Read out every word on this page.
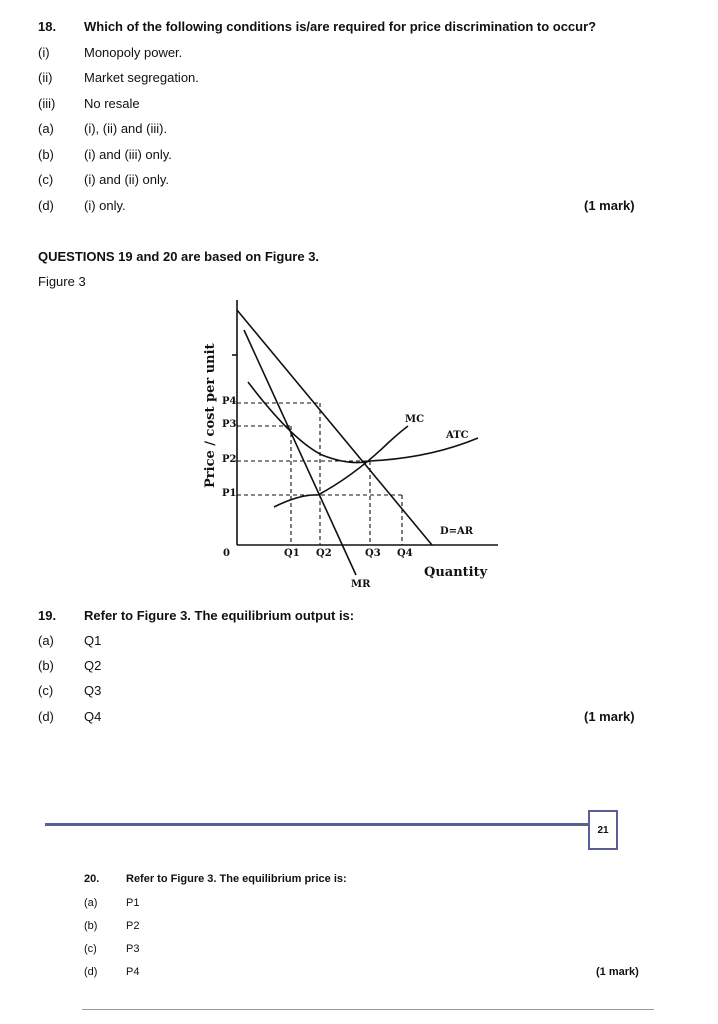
18. Which of the following conditions is/are required for price discrimination to occur?
(i)	Monopoly power.
(ii) Market segregation.
(iii) No resale
(a) (i), (ii) and (iii).
(b) (i) and (iii) only.
(c) (i) and (ii) only.
(d) (i) only.	(1 mark)
QUESTIONS 19 and 20 are based on Figure 3.
Figure 3
Price / cost per unit P4
P3
P2
P1
0	Q1 Q2	Q3 Q4
Quantity
MC
ATC
D=AR
MR
19. Refer to Figure 3. The equilibrium output is:
(a) Q1
(b) Q2
(c) Q3
(d) Q4	(1 mark)
21
20. Refer to Figure 3. The equilibrium price is:
(a)	P1
(b)	P2
(c)	P3
(d)	P4	(1 mark)
